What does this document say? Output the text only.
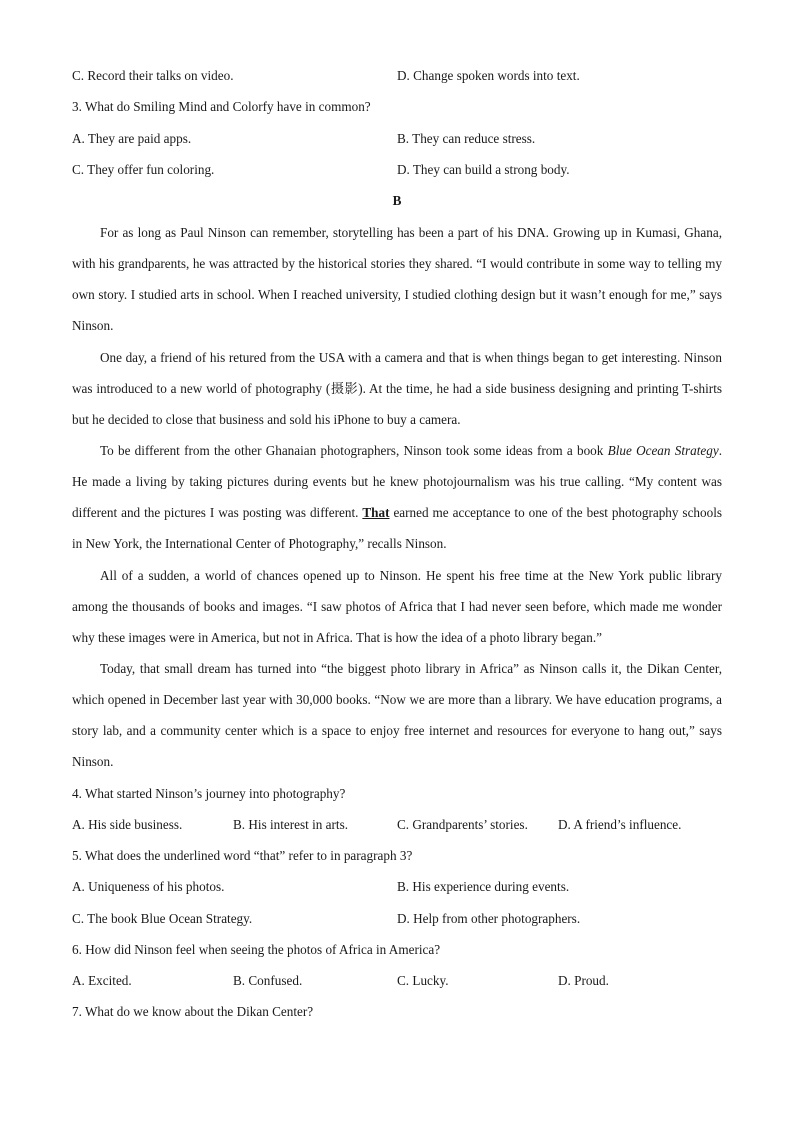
C. Record their talks on video.	D. Change spoken words into text.
3. What do Smiling Mind and Colorfy have in common?
A. They are paid apps.	B. They can reduce stress.
C. They offer fun coloring.	D. They can build a strong body.
B
For as long as Paul Ninson can remember, storytelling has been a part of his DNA. Growing up in Kumasi, Ghana, with his grandparents, he was attracted by the historical stories they shared. “I would contribute in some way to telling my own story. I studied arts in school. When I reached university, I studied clothing design but it wasn’t enough for me,” says Ninson.
One day, a friend of his retured from the USA with a camera and that is when things began to get interesting. Ninson was introduced to a new world of photography (摄影). At the time, he had a side business designing and printing T-shirts but he decided to close that business and sold his iPhone to buy a camera.
To be different from the other Ghanaian photographers, Ninson took some ideas from a book Blue Ocean Strategy. He made a living by taking pictures during events but he knew photojournalism was his true calling. “My content was different and the pictures I was posting was different. That earned me acceptance to one of the best photography schools in New York, the International Center of Photography,” recalls Ninson.
All of a sudden, a world of chances opened up to Ninson. He spent his free time at the New York public library among the thousands of books and images. “I saw photos of Africa that I had never seen before, which made me wonder why these images were in America, but not in Africa. That is how the idea of a photo library began.”
Today, that small dream has turned into “the biggest photo library in Africa” as Ninson calls it, the Dikan Center, which opened in December last year with 30,000 books. “Now we are more than a library. We have education programs, a story lab, and a community center which is a space to enjoy free internet and resources for everyone to hang out,” says Ninson.
4. What started Ninson’s journey into photography?
A. His side business.	B. His interest in arts.	C. Grandparents’ stories. D. A friend’s influence.
5. What does the underlined word “that” refer to in paragraph 3?
A. Uniqueness of his photos.	B. His experience during events.
C. The book Blue Ocean Strategy.	D. Help from other photographers.
6. How did Ninson feel when seeing the photos of Africa in America?
A. Excited.	B. Confused.	C. Lucky.	D. Proud.
7. What do we know about the Dikan Center?
